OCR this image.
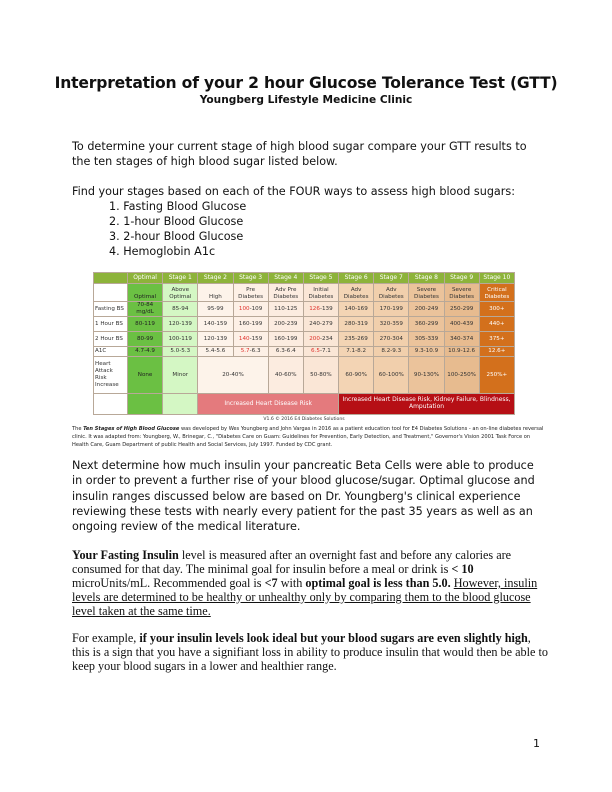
Interpretation of your 2 hour Glucose Tolerance Test (GTT)
Youngberg Lifestyle Medicine Clinic
To determine your current stage of high blood sugar compare your GTT results to the ten stages of high blood sugar listed below.
Find your stages based on each of the FOUR ways to assess high blood sugars:
1. Fasting Blood Glucose
2. 1-hour Blood Glucose
3. 2-hour Blood Glucose
4. Hemoglobin A1c
	Optimal	Stage 1	Stage 2	Stage 3	Stage 4	Stage 5	Stage 6	Stage 7	Stage 8	Stage 9	Stage 10
	Optimal	Above Optimal	High	Pre Diabetes	Adv Pre Diabetes	Initial Diabetes	Adv Diabetes	Adv Diabetes	Severe Diabetes	Severe Diabetes	Critical Diabetes
Fasting BS	70-84 mg/dL	85-94	95-99	100-109	110-125	126-139	140-169	170-199	200-249	250-299	300+
1 Hour BS	80-119	120-139	140-159	160-199	200-239	240-279	280-319	320-359	360-299	400-439	440+
2 Hour BS	80-99	100-119	120-139	140-159	160-199	200-234	235-269	270-304	305-339	340-374	375+
A1C	4.7-4.9	5.0-5.3	5.4-5.6	5.7-6.3	6.3-6.4	6.5-7.1	7.1-8.2	8.2-9.3	9.3-10.9	10.9-12.6	12.6+
Heart Attack Risk Increase	None	Minor	20-40%		40-60%	50-80%	60-90%	60-100%	90-130%	100-250%	250%+
			Increased Heart Disease Risk				Increased Heart Disease Risk, Kidney Failure, Blindness, Amputation				
V1.6 © 2016 E4 Diabetes Solutions
The Ten Stages of High Blood Glucose was developed by Wes Youngberg and John Vargas in 2016 as a patient education tool for E4 Diabetes Solutions - an on-line diabetes reversal clinic. It was adapted from: Youngberg, W., Brinegar, C., "Diabetes Care on Guam: Guidelines for Prevention, Early Detection, and Treatment," Governor's Vision 2001 Task Force on Health Care, Guam Department of public Health and Social Services, July 1997. Funded by CDC grant.
Next determine how much insulin your pancreatic Beta Cells were able to produce in order to prevent a further rise of your blood glucose/sugar. Optimal glucose and insulin ranges discussed below are based on Dr. Youngberg's clinical experience reviewing these tests with nearly every patient for the past 35 years as well as an ongoing review of the medical literature.
Your Fasting Insulin level is measured after an overnight fast and before any calories are consumed for that day. The minimal goal for insulin before a meal or drink is < 10 microUnits/mL. Recommended goal is <7 with optimal goal is less than 5.0. However, insulin levels are determined to be healthy or unhealthy only by comparing them to the blood glucose level taken at the same time.
For example, if your insulin levels look ideal but your blood sugars are even slightly high, this is a sign that you have a signifiant loss in ability to produce insulin that would then be able to keep your blood sugars in a lower and healthier range.
1
